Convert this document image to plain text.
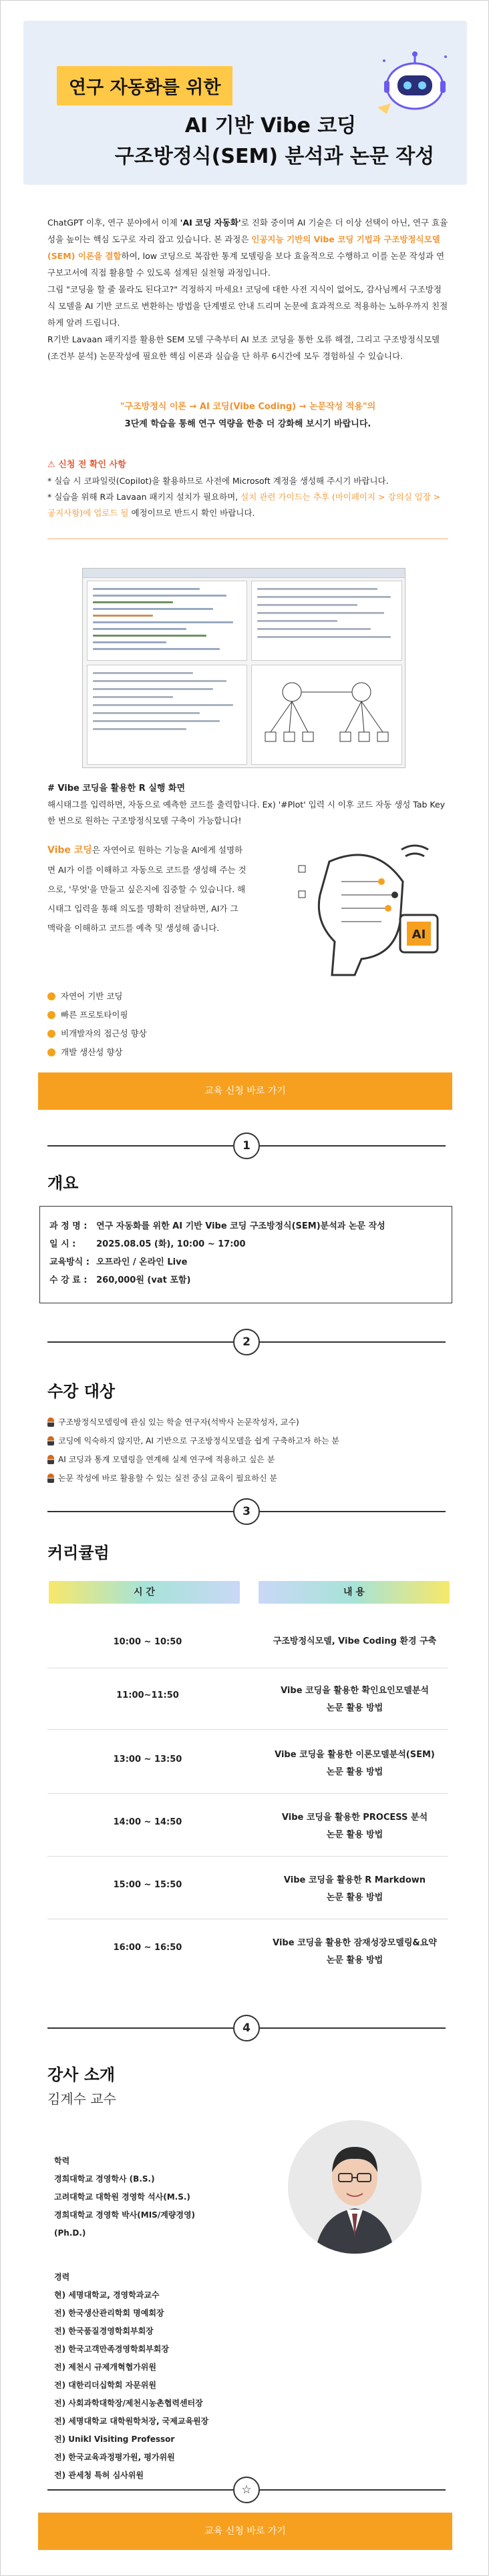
연구 자동화를 위한
AI 기반 Vibe 코딩
구조방정식(SEM) 분석과 논문 작성

ChatGPT 이후, 연구 분야에서 이제 'AI 코딩 자동화'로 진화 중이며 AI 기술은 더 이상 선택이 아닌, 연구 효율성을 높이는 핵심 도구로 자리 잡고 있습니다. 본 과정은 인공지능 기반의 Vibe 코딩 기법과 구조방정식모델(SEM) 이론을 결합하여, low 코딩으로 복잡한 통계 모델링을 보다 효율적으로 수행하고 이를 논문 작성과 연구보고서에 직접 활용할 수 있도록 설계된 실천형 과정입니다.

그림 "코딩을 할 줄 몰라도 된다고?" 걱정하지 마세요! 코딩에 대한 사전 지식이 없어도, 감사님께서 구조방정식 모델을 AI 기반 코드로 변환하는 방법을 단계별로 안내 드리며 논문에 효과적으로 적용하는 노하우까지 친절하게 알려 드립니다.

R기반 Lavaan 패키지를 활용한 SEM 모델 구축부터 AI 보조 코딩을 통한 오류 해결, 그리고 구조방정식모델(조건부 분석) 논문작성에 필요한 핵심 이론과 실습을 단 하루 6시간에 모두 경험하실 수 있습니다.

"구조방정식 이론 → AI 코딩(Vibe Coding) → 논문작성 적용"의
3단계 학습을 통해 연구 역량을 한층 더 강화해 보시기 바랍니다.
⚠ 신청 전 확인 사항
* 실습 시 코파일럿(Copilot)을 활용하므로 사전에 Microsoft 계정을 생성해 주시기 바랍니다.
* 실습을 위해 R과 Lavaan 패키지 설치가 필요하며, 설치 관련 가이드는 추후 (마이페이지 > 강의실 입장 > 공지사항)에 업로드 될 예정이므로 반드시 확인 바랍니다.
# Vibe 코딩을 활용한 R 실행 화면
해시태그를 입력하면, 자동으로 예측한 코드를 출력합니다. Ex) '#Plot' 입력 시 이후 코드 자동 생성 Tab Key 한 번으로 원하는 구조방정식모델 구축이 가능합니다!
Vibe 코딩은 자연어로 원하는 기능을 AI에게 설명하면 AI가 이를 이해하고 자동으로 코드를 생성해 주는 것으로, '무엇'을 만들고 싶은지에 집중할 수 있습니다. 해시태그 입력을 통해 의도를 명확히 전달하면, AI가 그 맥락을 이해하고 코드를 예측 및 생성해 줍니다.	AI
자연어 기반 코딩
빠른 프로토타이핑
비개발자의 접근성 향상
개발 생산성 향상
교육 신청 바로 가기
1
개요
과 정 명 : 연구 자동화를 위한 AI 기반 Vibe 코딩 구조방정식(SEM)분석과 논문 작성
일 시 : 2025.08.05 (화), 10:00 ~ 17:00
교육방식 : 오프라인 / 온라인 Live
수 강 료 : 260,000원 (vat 포함)
2
수강 대상
구조방정식모델링에 관심 있는 학술 연구자(석박사 논문작성자, 교수)
코딩에 익숙하지 않지만, AI 기반으로 구조방정식모델을 쉽게 구축하고자 하는 분
AI 코딩과 통계 모델링을 연계해 실제 연구에 적용하고 싶은 분
논문 작성에 바로 활용할 수 있는 실전 중심 교육이 필요하신 분
3
커리큘럼
시 간	내 용
10:00 ~ 10:50	구조방정식모델, Vibe Coding 환경 구축
11:00~11:50	Vibe 코딩을 활용한 확인요인모델분석
논문 활용 방법
13:00 ~ 13:50	Vibe 코딩을 활용한 이론모델분석(SEM)
논문 활용 방법
14:00 ~ 14:50	Vibe 코딩을 활용한 PROCESS 분석
논문 활용 방법
15:00 ~ 15:50	Vibe 코딩을 활용한 R Markdown
논문 활용 방법
16:00 ~ 16:50	Vibe 코딩을 활용한 잠재성장모델링&요약
논문 활용 방법
4
강사 소개
김계수 교수
학력
경희대학교 경영학사 (B.S.)
고려대학교 대학원 경영학 석사(M.S.)
경희대학교 경영학 박사(MIS/계량경영)
(Ph.D.)
경력
현) 세명대학교, 경영학과교수
전) 한국생산관리학회 명예회장
전) 한국품질경영학회부회장
전) 한국고객만족경영학회부회장
전) 제천시 규제개혁협가위원
전) 대한리더십학회 자문위원
전) 사회과학대학장/제천시농촌협력센터장
전) 세명대학교 대학원학처장, 국제교육원장
전) Unikl Visiting Professor
전) 한국교육과정평가원, 평가위원
전) 관세청 특허 심사위원
☆
교육 신청 바로 가기
